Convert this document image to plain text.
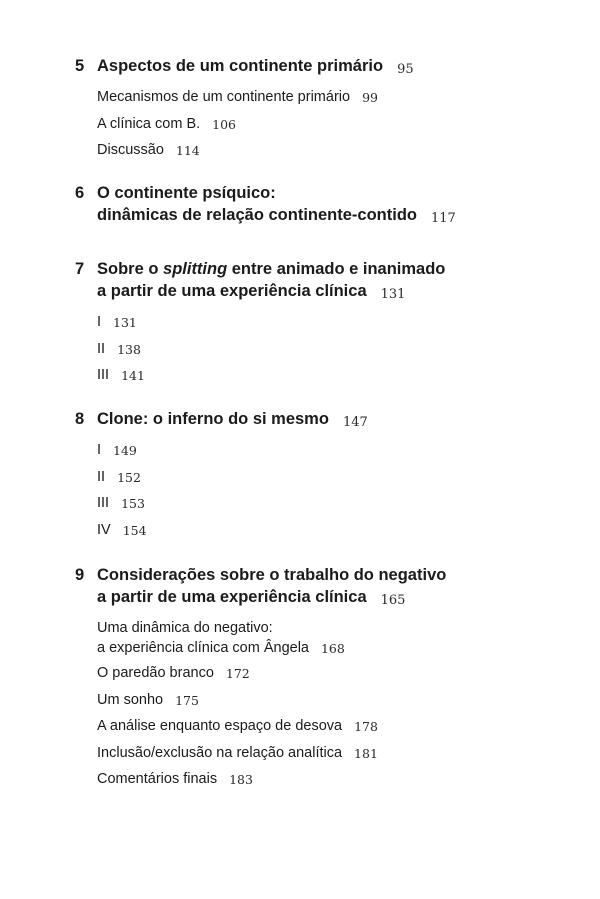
5 Aspectos de um continente primário 95
Mecanismos de um continente primário 99
A clínica com B. 106
Discussão 114
6 O continente psíquico:
dinâmicas de relação continente-contido 117
7 Sobre o splitting entre animado e inanimado
a partir de uma experiência clínica 131
I 131
II 138
III 141
8 Clone: o inferno do si mesmo 147
I 149
II 152
III 153
IV 154
9 Considerações sobre o trabalho do negativo
a partir de uma experiência clínica 165
Uma dinâmica do negativo:
a experiência clínica com Ângela 168
O paredão branco 172
Um sonho 175
A análise enquanto espaço de desova 178
Inclusão/exclusão na relação analítica 181
Comentários finais 183
